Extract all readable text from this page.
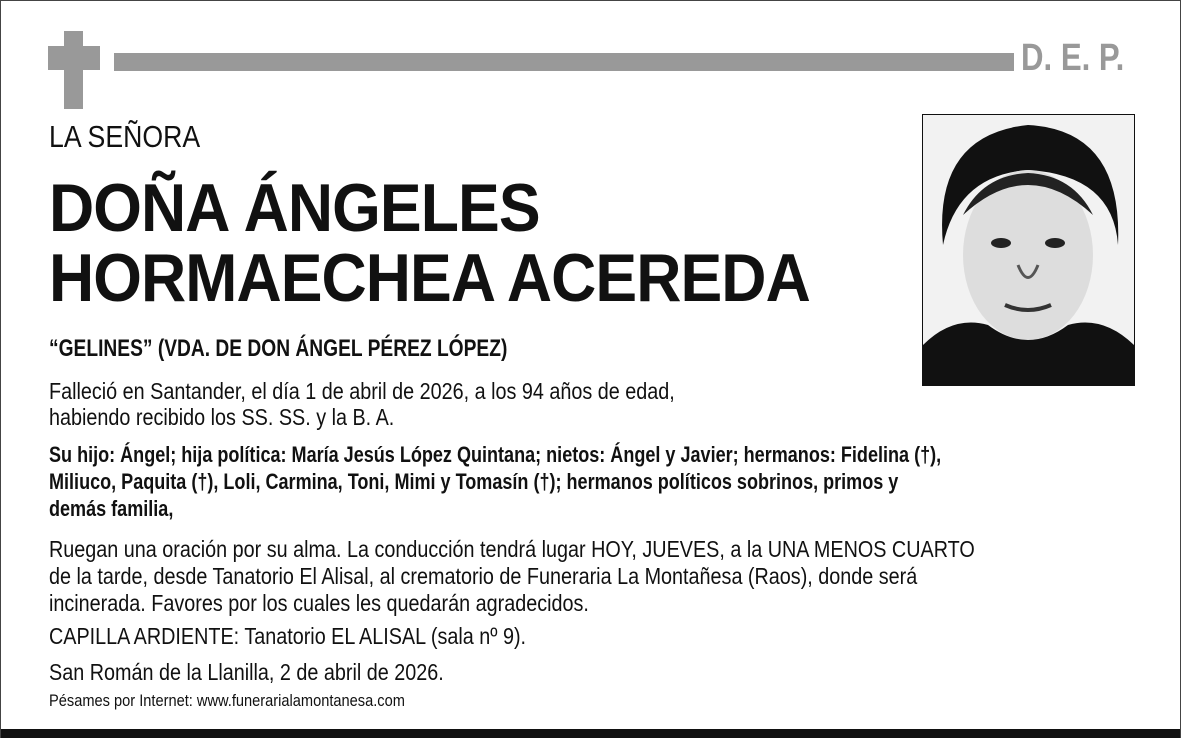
D. E. P.
LA SEÑORA
DOÑA ÁNGELES
HORMAECHEA ACEREDA
“GELINES” (VDA. DE DON ÁNGEL PÉREZ LÓPEZ)
Falleció en Santander, el día 1 de abril de 2026, a los 94 años de edad,
habiendo recibido los SS. SS. y la B. A.
Su hijo: Ángel; hija política: María Jesús López Quintana; nietos: Ángel y Javier; hermanos: Fidelina (†),
Miliuco, Paquita (†), Loli, Carmina, Toni, Mimi y Tomasín (†); hermanos políticos sobrinos, primos y
demás familia,
Ruegan una oración por su alma. La conducción tendrá lugar HOY, JUEVES, a la UNA MENOS CUARTO
de la tarde, desde Tanatorio El Alisal, al crematorio de Funeraria La Montañesa (Raos), donde será
incinerada. Favores por los cuales les quedarán agradecidos.
CAPILLA ARDIENTE: Tanatorio EL ALISAL (sala nº 9).
San Román de la Llanilla, 2 de abril de 2026.
Pésames por Internet: www.funerarialamontanesa.com
